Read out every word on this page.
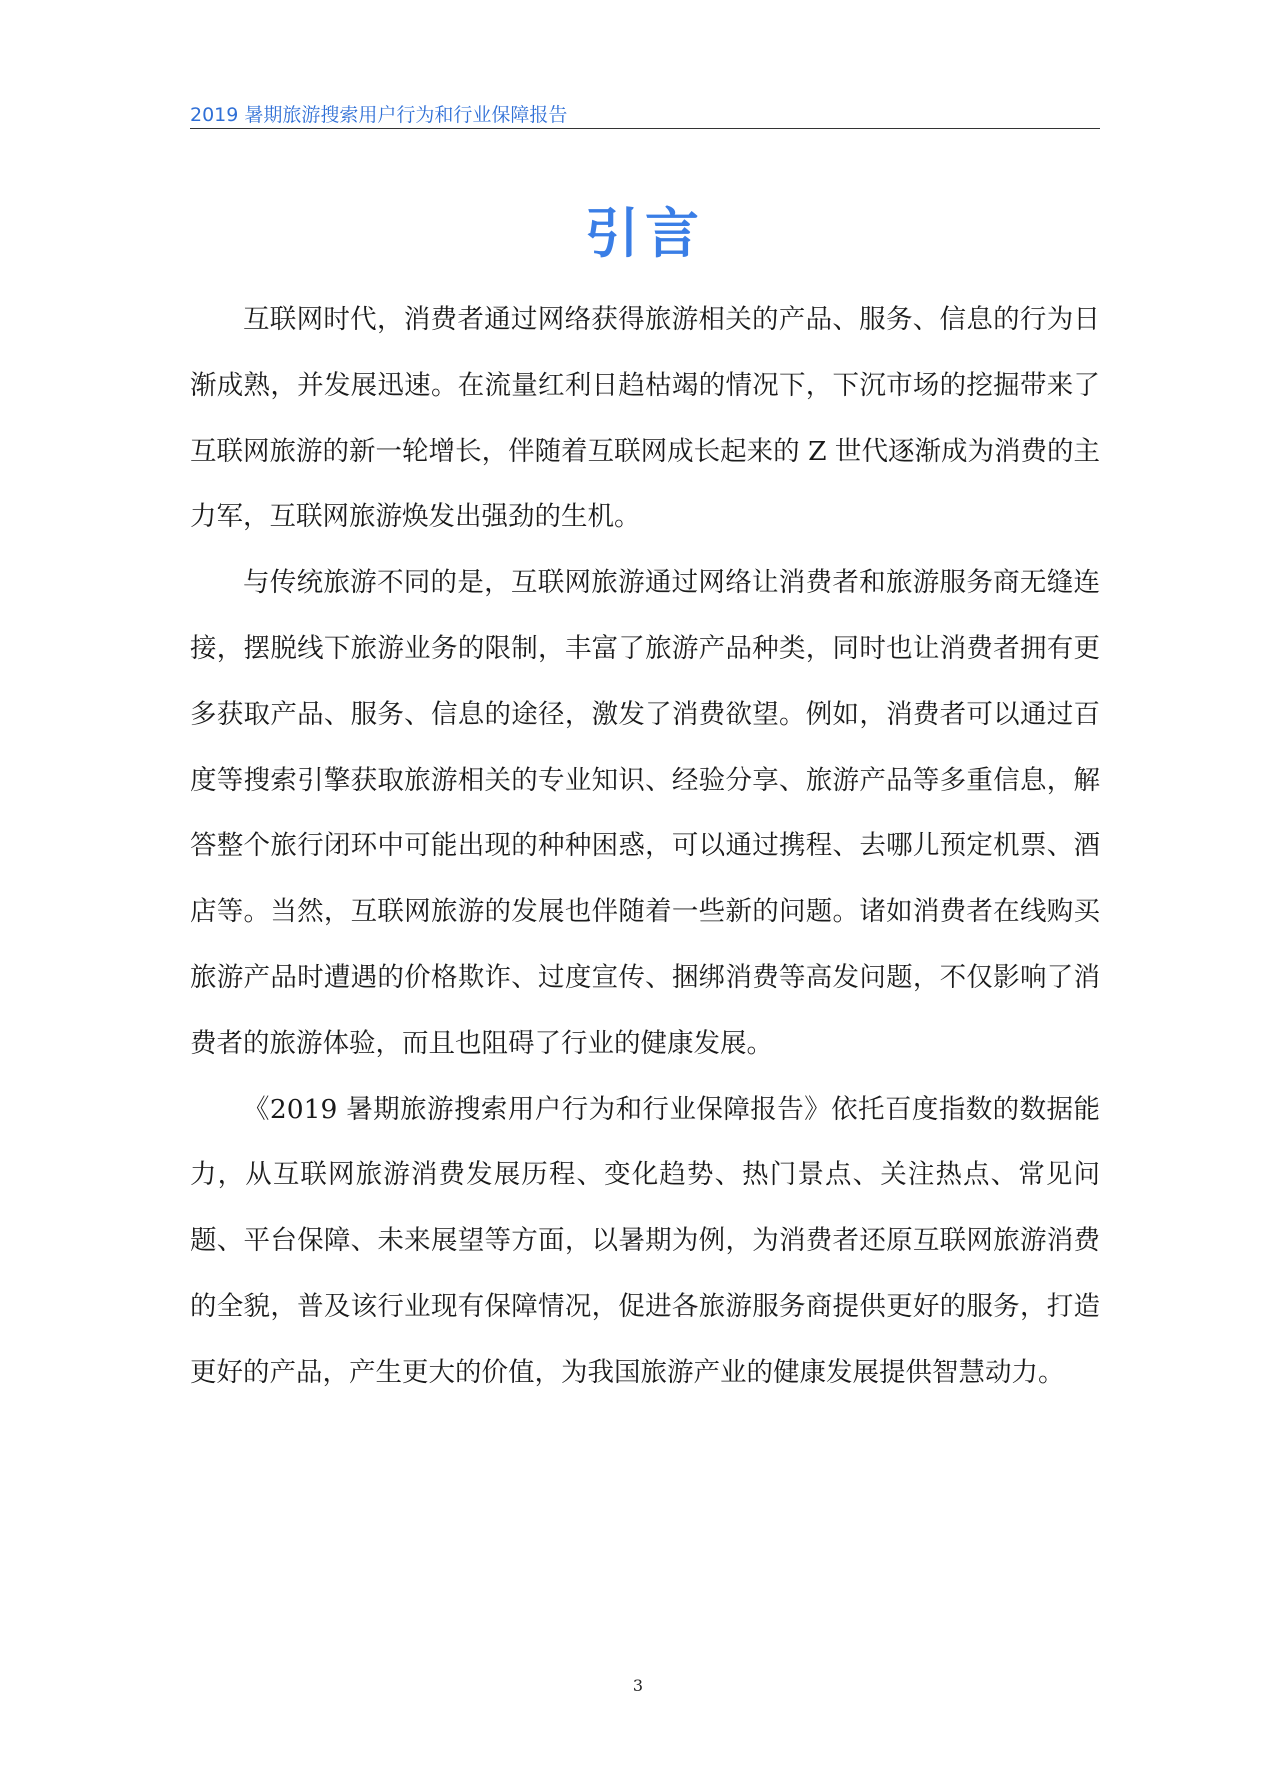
2019 暑期旅游搜索用户行为和行业保障报告
引言

互联网时代，消费者通过网络获得旅游相关的产品、服务、信息的行为日渐成熟，并发展迅速。在流量红利日趋枯竭的情况下，下沉市场的挖掘带来了互联网旅游的新一轮增长，伴随着互联网成长起来的 Z 世代逐渐成为消费的主力军，互联网旅游焕发出强劲的生机。

与传统旅游不同的是，互联网旅游通过网络让消费者和旅游服务商无缝连接，摆脱线下旅游业务的限制，丰富了旅游产品种类，同时也让消费者拥有更多获取产品、服务、信息的途径，激发了消费欲望。例如，消费者可以通过百度等搜索引擎获取旅游相关的专业知识、经验分享、旅游产品等多重信息，解答整个旅行闭环中可能出现的种种困惑，可以通过携程、去哪儿预定机票、酒店等。当然，互联网旅游的发展也伴随着一些新的问题。诸如消费者在线购买旅游产品时遭遇的价格欺诈、过度宣传、捆绑消费等高发问题，不仅影响了消费者的旅游体验，而且也阻碍了行业的健康发展。

《2019 暑期旅游搜索用户行为和行业保障报告》依托百度指数的数据能力，从互联网旅游消费发展历程、变化趋势、热门景点、关注热点、常见问题、平台保障、未来展望等方面，以暑期为例，为消费者还原互联网旅游消费的全貌，普及该行业现有保障情况，促进各旅游服务商提供更好的服务，打造更好的产品，产生更大的价值，为我国旅游产业的健康发展提供智慧动力。

3
